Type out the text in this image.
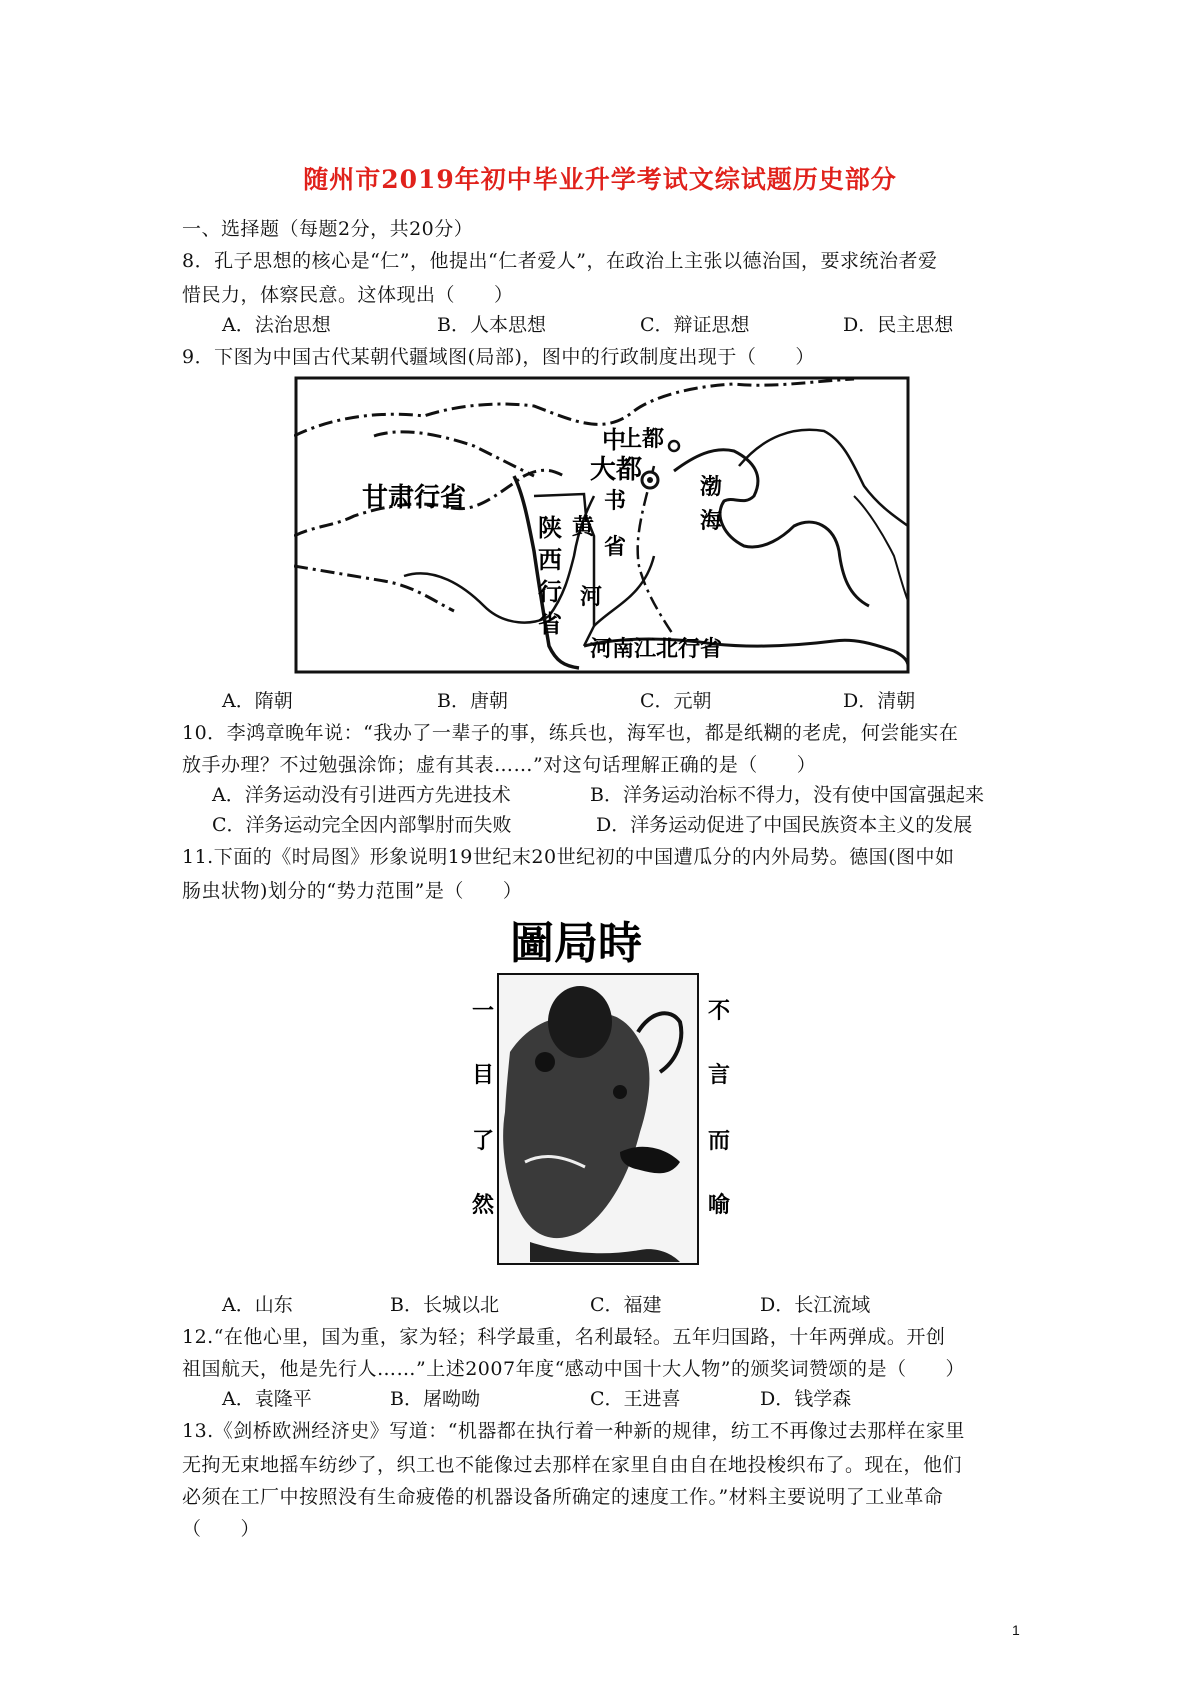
随州市2019年初中毕业升学考试文综试题历史部分
一、选择题（每题2分，共20分）
8．孔子思想的核心是“仁”，他提出“仁者爱人”，在政治上主张以德治国，要求统治者爱
惜民力，体察民意。这体现出（　　）
A．法治思想	B．人本思想	C．辩证思想	D．民主思想
9．下图为中国古代某朝代疆域图(局部)，图中的行政制度出现于（　　）
甘肃行省
陕
西
行
省
上都
大都
中
书
省
黄
河
渤
海
河南江北行省
A．隋朝	B．唐朝	C．元朝	D．清朝
10．李鸿章晚年说：“我办了一辈子的事，练兵也，海军也，都是纸糊的老虎，何尝能实在
放手办理？不过勉强涂饰；虚有其表……”对这句话理解正确的是（　　）
A．洋务运动没有引进西方先进技术	B．洋务运动治标不得力，没有使中国富强起来
C．洋务运动完全因内部掣肘而失败	D．洋务运动促进了中国民族资本主义的发展
11.下面的《时局图》形象说明19世纪末20世纪初的中国遭瓜分的内外局势。德国(图中如
肠虫状物)划分的“势力范围”是（　　）
圖局時
一
目
了
然
不
言
而
喻
A．山东	B．长城以北	C．福建	D．长江流域
12.“在他心里，国为重，家为轻；科学最重，名利最轻。五年归国路，十年两弹成。开创
祖国航天，他是先行人……”上述2007年度“感动中国十大人物”的颁奖词赞颂的是（　　）
A．袁隆平	B．屠呦呦	C．王进喜	D．钱学森
13.《剑桥欧洲经济史》写道：“机器都在执行着一种新的规律，纺工不再像过去那样在家里
无拘无束地摇车纺纱了，织工也不能像过去那样在家里自由自在地投梭织布了。现在，他们
必须在工厂中按照没有生命疲倦的机器设备所确定的速度工作。”材料主要说明了工业革命
（　　）
1
